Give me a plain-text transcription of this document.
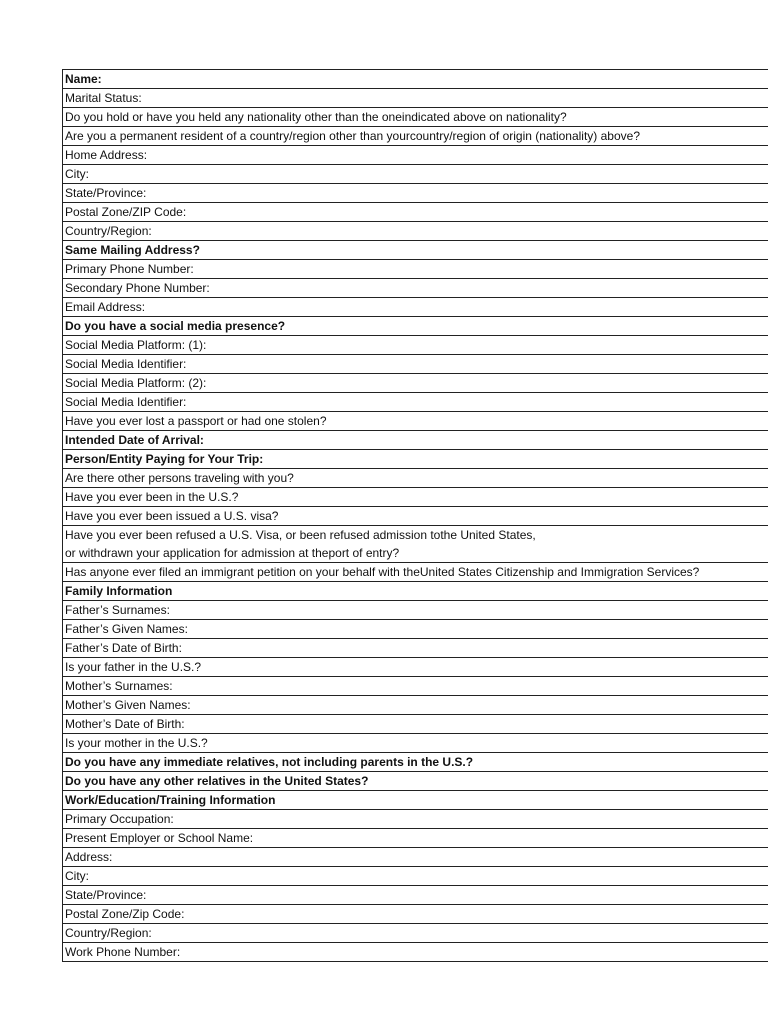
Name:
Marital Status:
Do you hold or have you held any nationality other than the oneindicated above on nationality?
Are you a permanent resident of a country/region other than yourcountry/region of origin (nationality) above?
Home Address:
City:
State/Province:
Postal Zone/ZIP Code:
Country/Region:
Same Mailing Address?
Primary Phone Number:
Secondary Phone Number:
Email Address:
Do you have a social media presence?
Social Media Platform: (1):
Social Media Identifier:
Social Media Platform: (2):
Social Media Identifier:
Have you ever lost a passport or had one stolen?
Intended Date of Arrival:
Person/Entity Paying for Your Trip:
Are there other persons traveling with you?
Have you ever been in the U.S.?
Have you ever been issued a U.S. visa?
Have you ever been refused a U.S. Visa, or been refused admission tothe United States,
or withdrawn your application for admission at theport of entry?
Has anyone ever filed an immigrant petition on your behalf with theUnited States Citizenship and Immigration Services?
Family Information
Father’s Surnames:
Father’s Given Names:
Father’s Date of Birth:
Is your father in the U.S.?
Mother’s Surnames:
Mother’s Given Names:
Mother’s Date of Birth:
Is your mother in the U.S.?
Do you have any immediate relatives, not including parents in the U.S.?
Do you have any other relatives in the United States?
Work/Education/Training Information
Primary Occupation:
Present Employer or School Name:
Address:
City:
State/Province:
Postal Zone/Zip Code:
Country/Region:
Work Phone Number:
